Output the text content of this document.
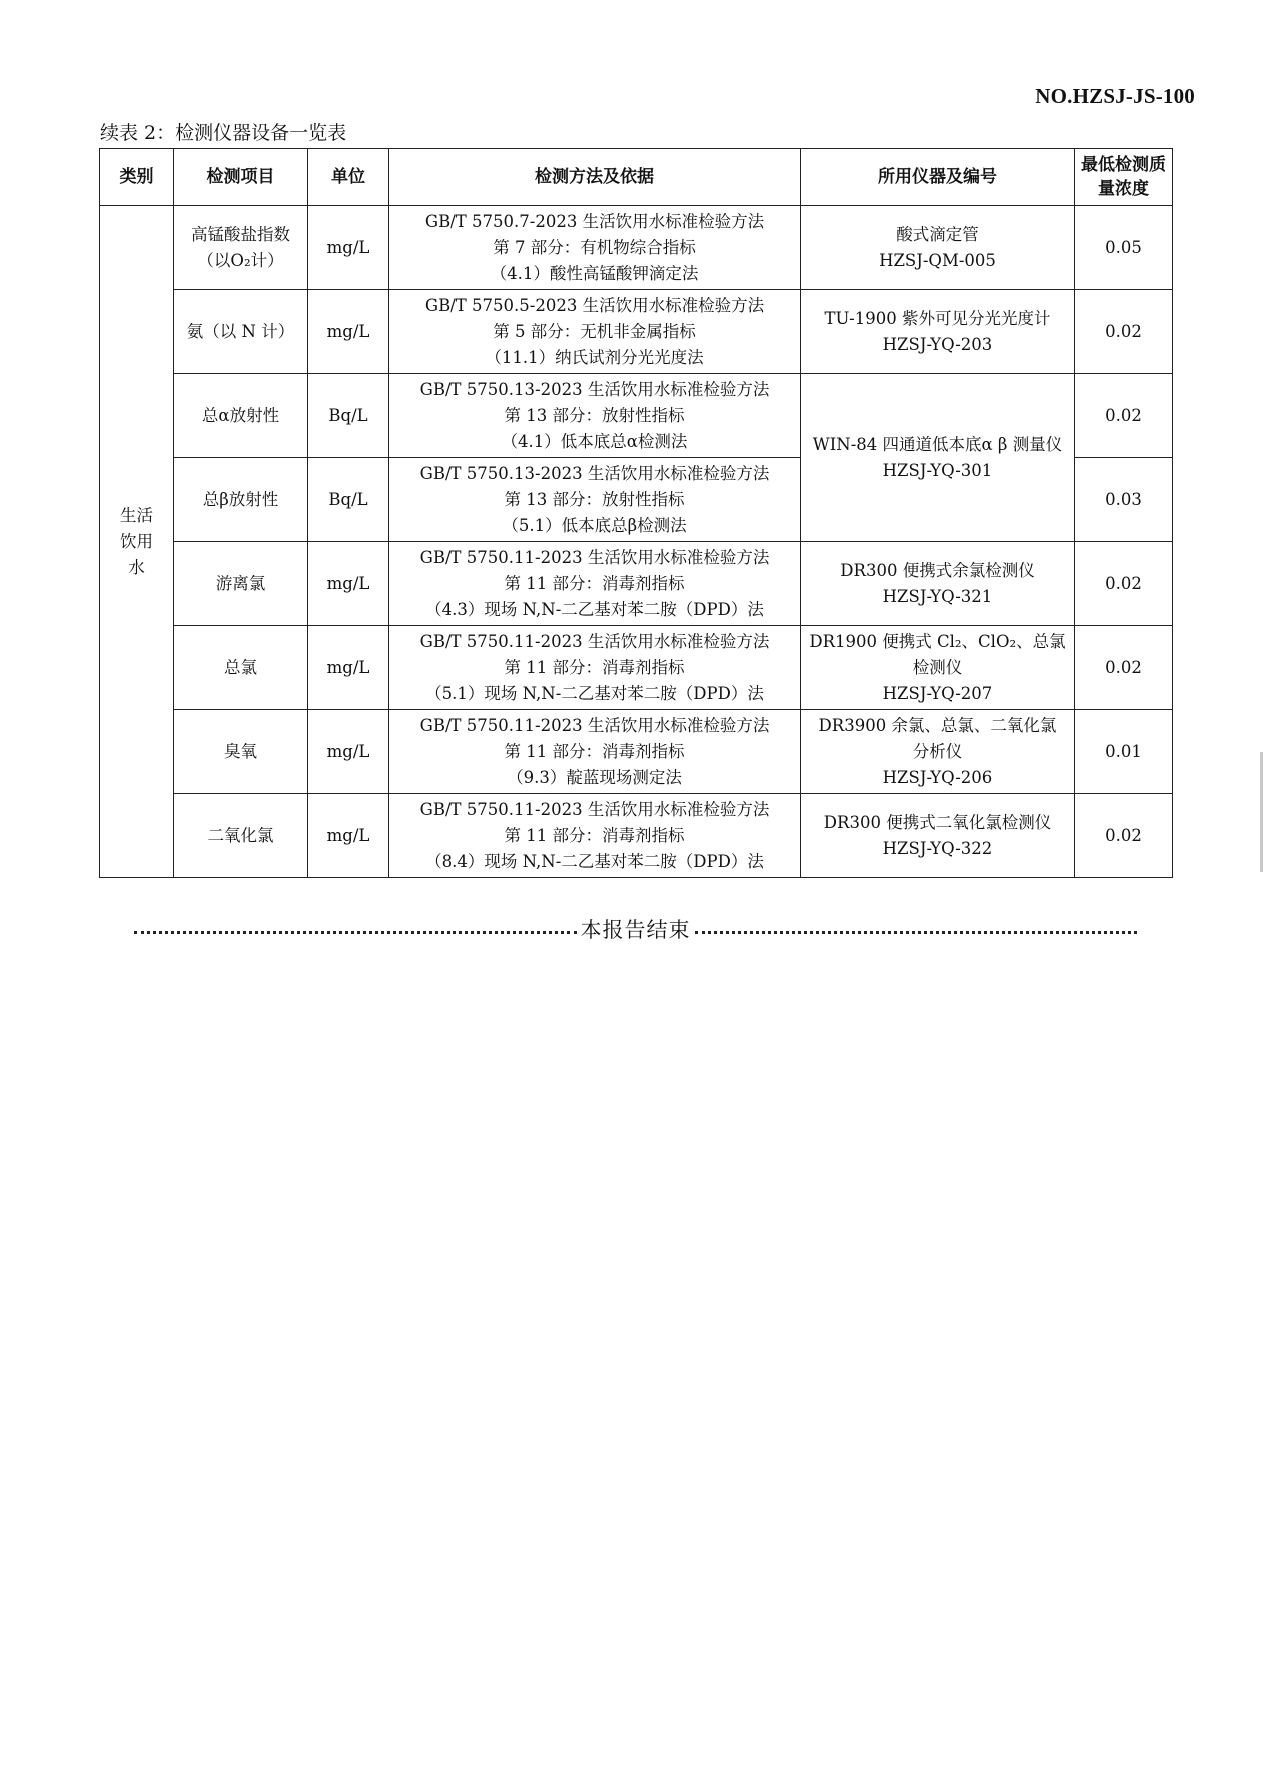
NO.HZSJ-JS-100
续表 2：检测仪器设备一览表
类别	检测项目	单位	检测方法及依据	所用仪器及编号	最低检测质量浓度
生活饮用水	高锰酸盐指数（以O₂计）	mg/L	GB/T 5750.7-2023 生活饮用水标准检验方法
第 7 部分：有机物综合指标
（4.1）酸性高锰酸钾滴定法	酸式滴定管
HZSJ-QM-005	0.05
	氨（以 N 计）	mg/L	GB/T 5750.5-2023 生活饮用水标准检验方法
第 5 部分：无机非金属指标
（11.1）纳氏试剂分光光度法	TU-1900 紫外可见分光光度计
HZSJ-YQ-203	0.02
	总α放射性	Bq/L	GB/T 5750.13-2023 生活饮用水标准检验方法
第 13 部分：放射性指标
（4.1）低本底总α检测法	WIN-84 四通道低本底α β 测量仪
HZSJ-YQ-301	0.02
	总β放射性	Bq/L	GB/T 5750.13-2023 生活饮用水标准检验方法
第 13 部分：放射性指标
（5.1）低本底总β检测法		0.03
	游离氯	mg/L	GB/T 5750.11-2023 生活饮用水标准检验方法
第 11 部分：消毒剂指标
（4.3）现场 N,N-二乙基对苯二胺（DPD）法	DR300 便携式余氯检测仪
HZSJ-YQ-321	0.02
	总氯	mg/L	GB/T 5750.11-2023 生活饮用水标准检验方法
第 11 部分：消毒剂指标
（5.1）现场 N,N-二乙基对苯二胺（DPD）法	DR1900 便携式 Cl₂、ClO₂、总氯
检测仪
HZSJ-YQ-207	0.02
	臭氧	mg/L	GB/T 5750.11-2023 生活饮用水标准检验方法
第 11 部分：消毒剂指标
（9.3）靛蓝现场测定法	DR3900 余氯、总氯、二氧化氯
分析仪
HZSJ-YQ-206	0.01
	二氧化氯	mg/L	GB/T 5750.11-2023 生活饮用水标准检验方法
第 11 部分：消毒剂指标
（8.4）现场 N,N-二乙基对苯二胺（DPD）法	DR300 便携式二氧化氯检测仪
HZSJ-YQ-322	0.02
本报告结束
